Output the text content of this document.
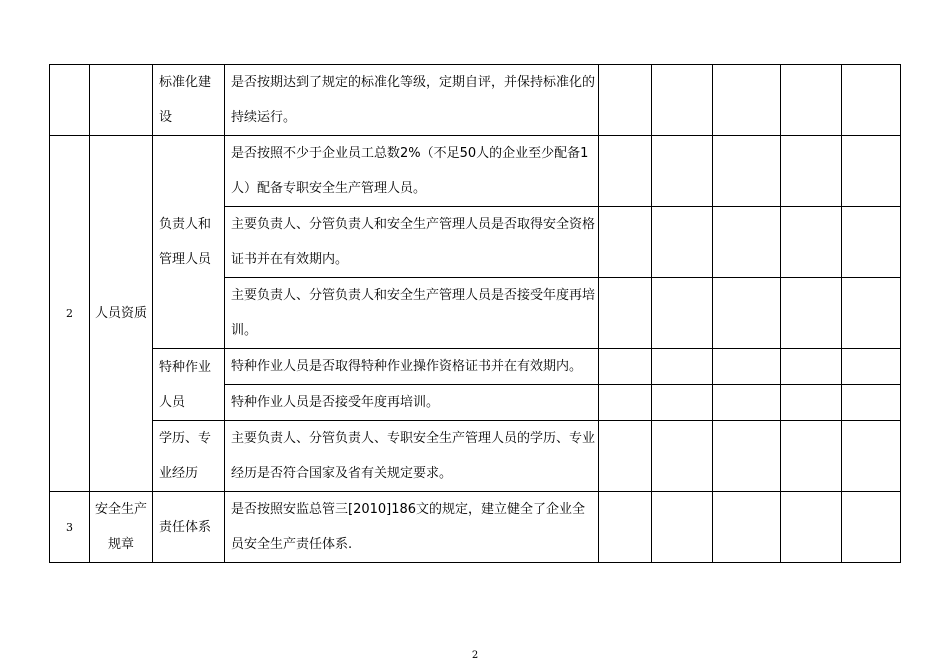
		标准化建设	是否按期达到了规定的标准化等级，定期自评，并保持标准化的持续运行。					
2	人员资质	负责人和管理人员	是否按照不少于企业员工总数2%（不足50人的企业至少配备1人）配备专职安全生产管理人员。					
			主要负责人、分管负责人和安全生产管理人员是否取得安全资格证书并在有效期内。					
			主要负责人、分管负责人和安全生产管理人员是否接受年度再培训。					
		特种作业人员	特种作业人员是否取得特种作业操作资格证书并在有效期内。					
			特种作业人员是否接受年度再培训。					
		学历、专业经历	主要负责人、分管负责人、专职安全生产管理人员的学历、专业经历是否符合国家及省有关规定要求。					
3	安全生产规章	责任体系	是否按照安监总管三[2010]186文的规定，建立健全了企业全员安全生产责任体系.					
2
